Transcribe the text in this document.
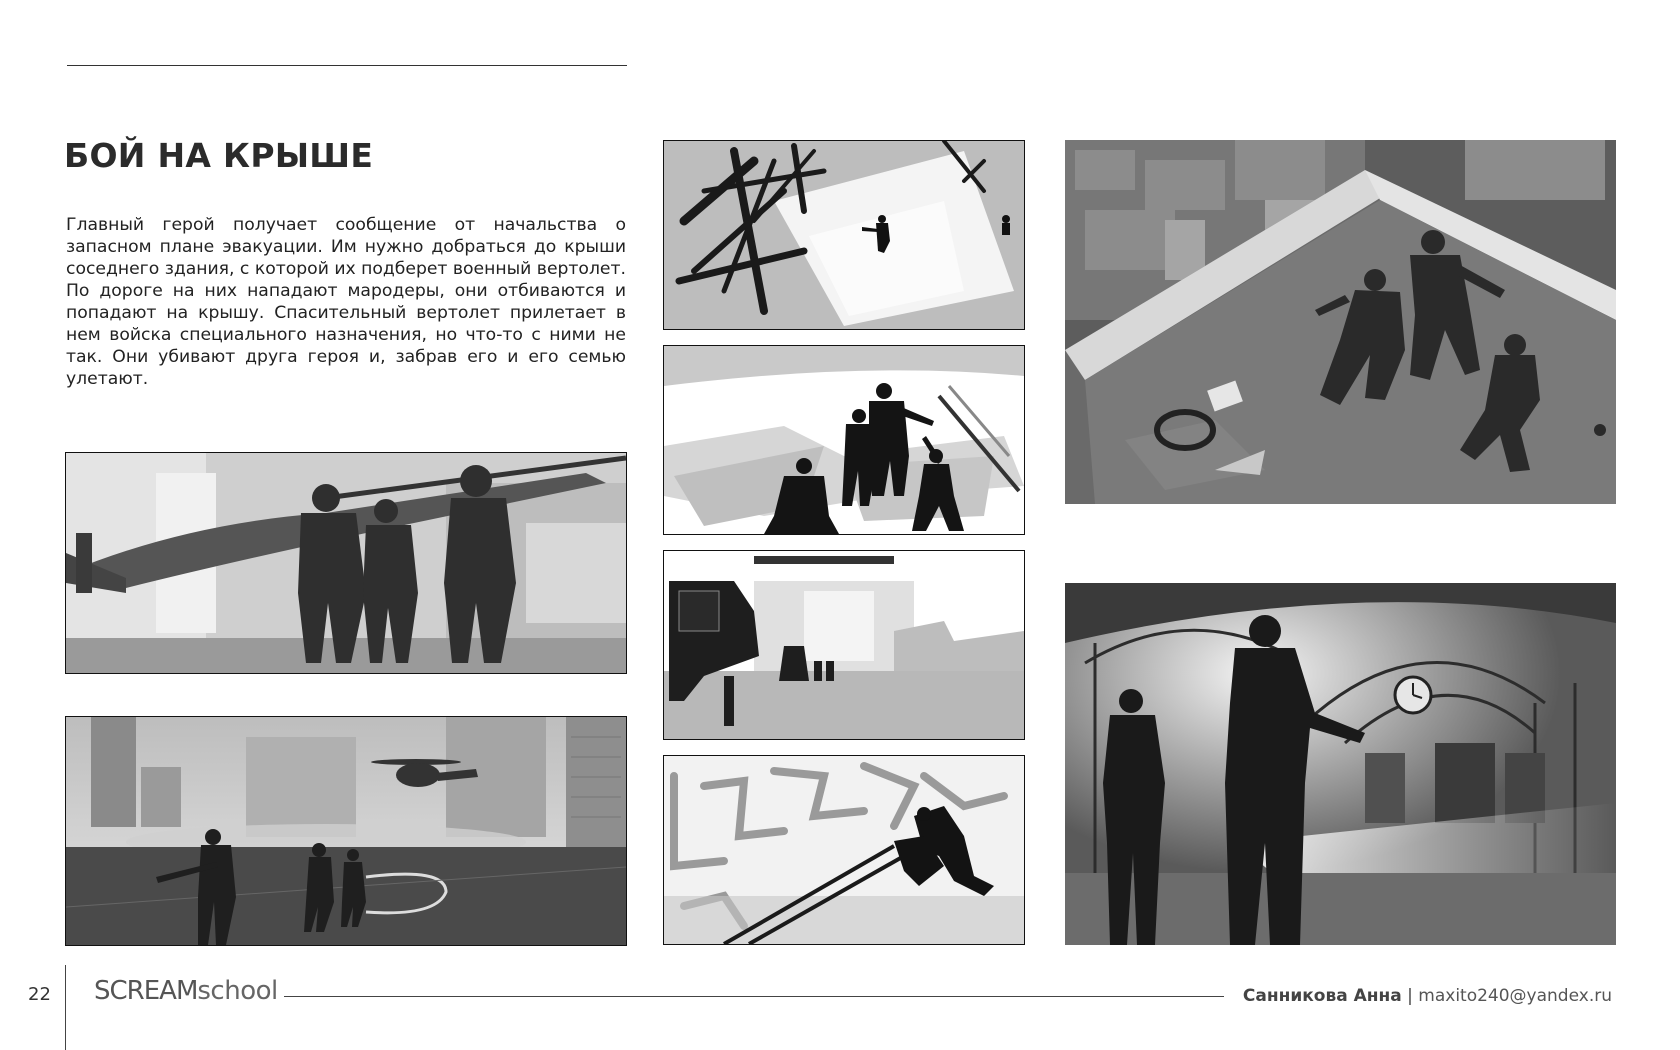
БОЙ НА КРЫШЕ

Главный герой получает сообщение от начальства о запасном плане эвакуации. Им нужно добраться до крыши соседнего здания, с которой их подберет военный вертолет. По дороге на них нападают мародеры, они отбиваются и попадают на крышу. Спасительный вертолет прилетает в нем войска специального назначения, но что-то с ними не так. Они убивают друга героя и, забрав его и его семью улетают.

22 SCREAMschool	Санникова Анна | maxito240@yandex.ru
